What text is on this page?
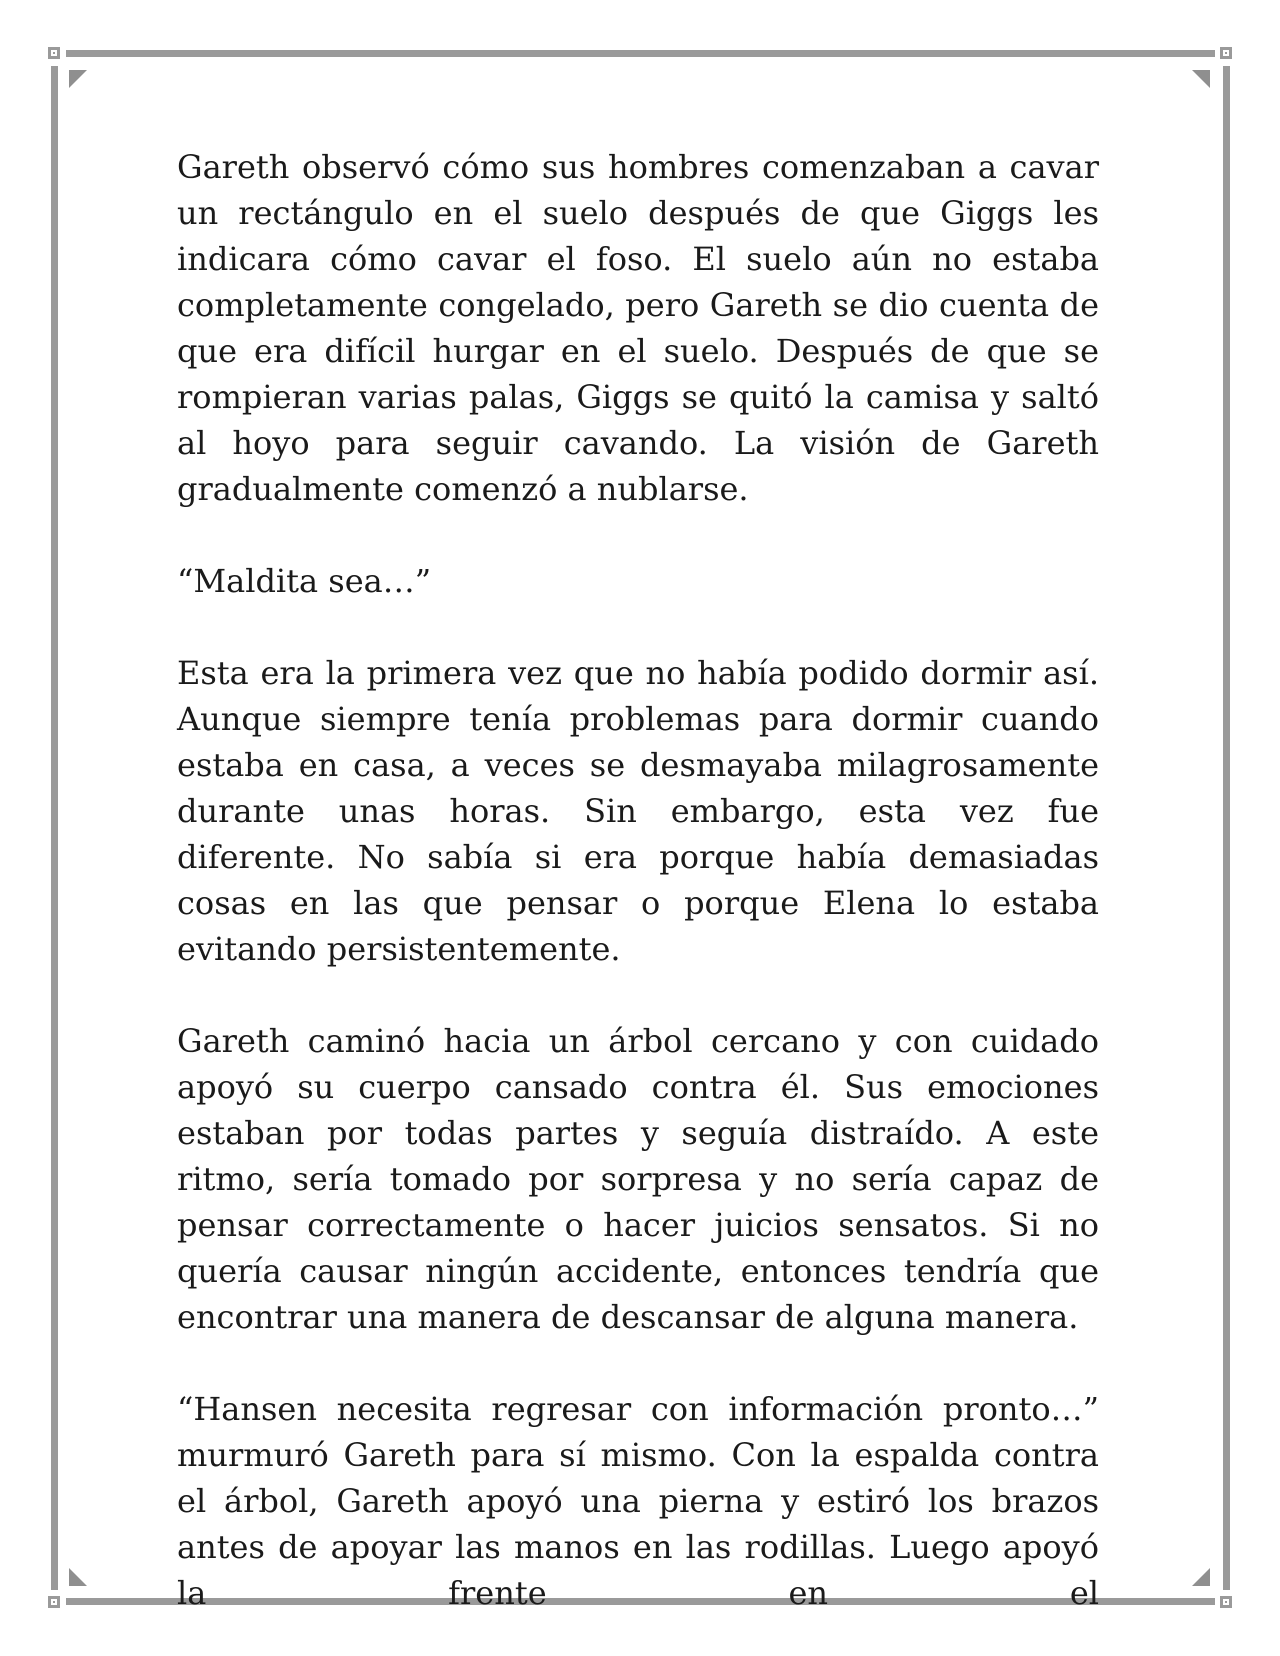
Gareth observó cómo sus hombres comenzaban a cavar un rectángulo en el suelo después de que Giggs les indicara cómo cavar el foso. El suelo aún no estaba completamente congelado, pero Gareth se dio cuenta de que era difícil hurgar en el suelo. Después de que se rompieran varias palas, Giggs se quitó la camisa y saltó al hoyo para seguir cavando. La visión de Gareth gradualmente comenzó a nublarse.

“Maldita sea…”

Esta era la primera vez que no había podido dormir así. Aunque siempre tenía problemas para dormir cuando estaba en casa, a veces se desmayaba milagrosamente durante unas horas. Sin embargo, esta vez fue diferente. No sabía si era porque había demasiadas cosas en las que pensar o porque Elena lo estaba evitando persistentemente.

Gareth caminó hacia un árbol cercano y con cuidado apoyó su cuerpo cansado contra él. Sus emociones estaban por todas partes y seguía distraído. A este ritmo, sería tomado por sorpresa y no sería capaz de pensar correctamente o hacer juicios sensatos. Si no quería causar ningún accidente, entonces tendría que encontrar una manera de descansar de alguna manera.

“Hansen necesita regresar con información pronto…” murmuró Gareth para sí mismo. Con la espalda contra el árbol, Gareth apoyó una pierna y estiró los brazos antes de apoyar las manos en las rodillas. Luego apoyó la frente en el
